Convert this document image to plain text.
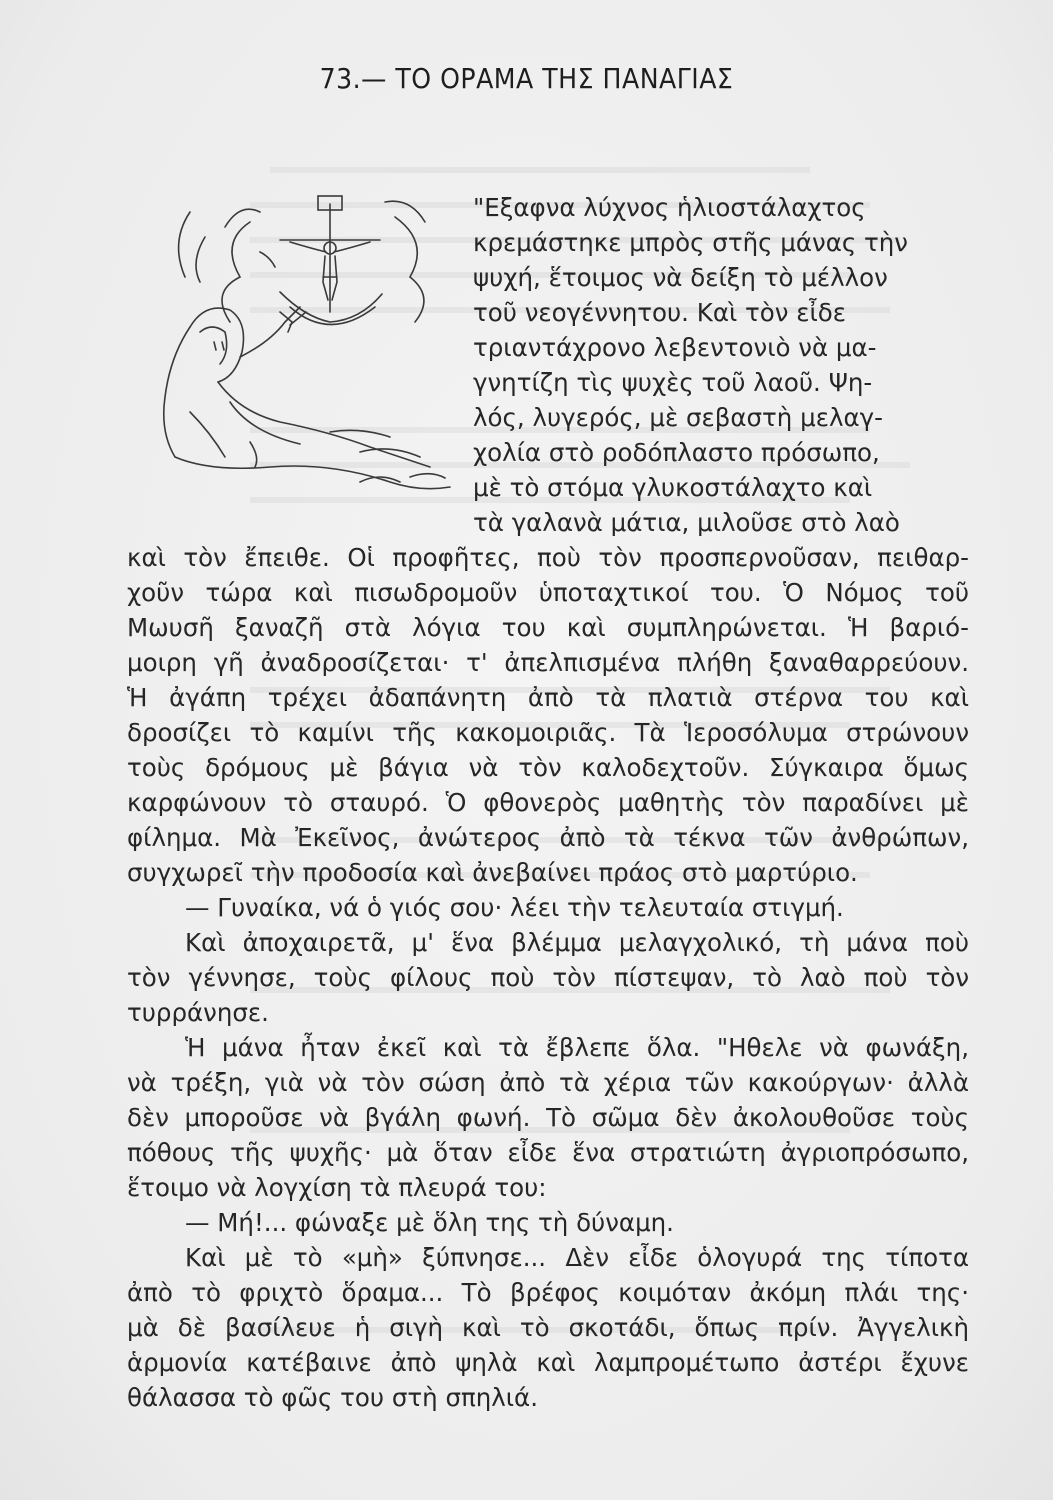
73.— ΤΟ ΟΡΑΜΑ ΤΗΣ ΠΑΝΑΓΙΑΣ
"Εξαφνα λύχνος ἡλιοστάλαχτος
κρεμάστηκε μπρὸς στῆς μάνας τὴν
ψυχή, ἕτοιμος νὰ δείξη τὸ μέλλον
τοῦ νεογέννητου. Καὶ τὸν εἶδε
τριαντάχρονο λεβεντονιὸ νὰ μα-
γνητίζη τὶς ψυχὲς τοῦ λαοῦ. Ψη-
λός, λυγερός, μὲ σεβαστὴ μελαγ-
χολία στὸ ροδόπλαστο πρόσωπο,
μὲ τὸ στόμα γλυκοστάλαχτο καὶ
τὰ γαλανὰ μάτια, μιλοῦσε στὸ λαὸ
καὶ τὸν ἔπειθε. Οἱ προφῆτες, ποὺ τὸν προσπερνοῦσαν, πειθαρ-
χοῦν τώρα καὶ πισωδρομοῦν ὑποταχτικοί του. Ὁ Νόμος τοῦ
Μωυσῆ ξαναζῆ στὰ λόγια του καὶ συμπληρώνεται. Ἡ βαριό-
μοιρη γῆ ἀναδροσίζεται· τ' ἀπελπισμένα πλήθη ξαναθαρρεύουν.
Ἡ ἀγάπη τρέχει ἀδαπάνητη ἀπὸ τὰ πλατιὰ στέρνα του καὶ
δροσίζει τὸ καμίνι τῆς κακομοιριᾶς. Τὰ Ἱεροσόλυμα στρώνουν
τοὺς δρόμους μὲ βάγια νὰ τὸν καλοδεχτοῦν. Σύγκαιρα ὅμως
καρφώνουν τὸ σταυρό. Ὁ φθονερὸς μαθητὴς τὸν παραδίνει μὲ
φίλημα. Μὰ Ἐκεῖνος, ἀνώτερος ἀπὸ τὰ τέκνα τῶν ἀνθρώπων,
συγχωρεῖ τὴν προδοσία καὶ ἀνεβαίνει πράος στὸ μαρτύριο.
— Γυναίκα, νά ὁ γιός σου· λέει τὴν τελευταία στιγμή.
Καὶ ἀποχαιρετᾶ, μ' ἕνα βλέμμα μελαγχολικό, τὴ μάνα ποὺ
τὸν γέννησε, τοὺς φίλους ποὺ τὸν πίστεψαν, τὸ λαὸ ποὺ τὸν
τυρράνησε.
Ἡ μάνα ἦταν ἐκεῖ καὶ τὰ ἔβλεπε ὅλα. "Ηθελε νὰ φωνάξη,
νὰ τρέξη, γιὰ νὰ τὸν σώση ἀπὸ τὰ χέρια τῶν κακούργων· ἀλλὰ
δὲν μποροῦσε νὰ βγάλη φωνή. Τὸ σῶμα δὲν ἀκολουθοῦσε τοὺς
πόθους τῆς ψυχῆς· μὰ ὅταν εἶδε ἕνα στρατιώτη ἀγριοπρόσωπο,
ἕτοιμο νὰ λογχίση τὰ πλευρά του:
— Μή!... φώναξε μὲ ὅλη της τὴ δύναμη.
Καὶ μὲ τὸ «μὴ» ξύπνησε... Δὲν εἶδε ὁλογυρά της τίποτα
ἀπὸ τὸ φριχτὸ ὅραμα... Τὸ βρέφος κοιμόταν ἀκόμη πλάι της·
μὰ δὲ βασίλευε ἡ σιγὴ καὶ τὸ σκοτάδι, ὅπως πρίν. Ἀγγελικὴ
ἁρμονία κατέβαινε ἀπὸ ψηλὰ καὶ λαμπρομέτωπο ἀστέρι ἔχυνε
θάλασσα τὸ φῶς του στὴ σπηλιά.
